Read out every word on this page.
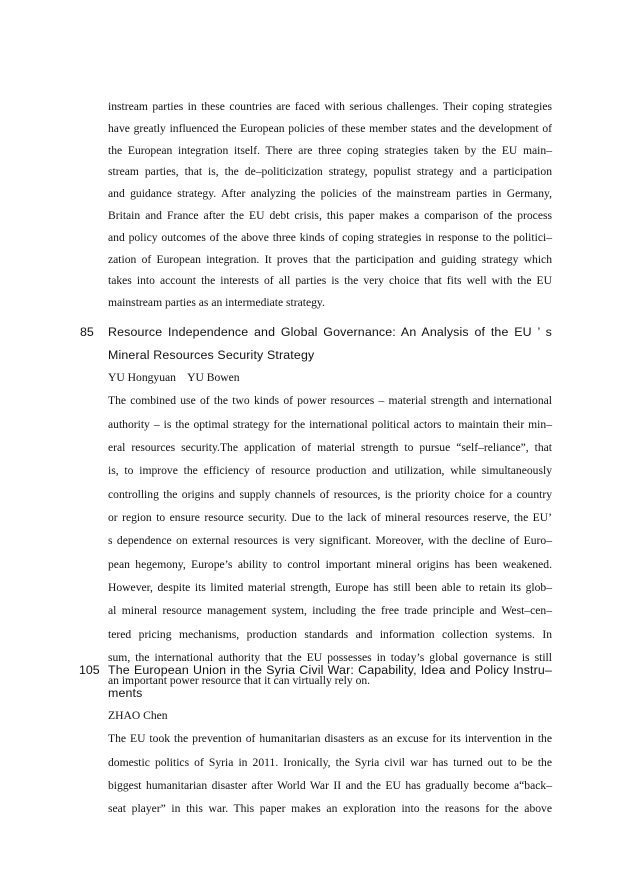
instream parties in these countries are faced with serious challenges. Their coping strategies
have greatly influenced the European policies of these member states and the development of
the European integration itself. There are three coping strategies taken by the EU main–
stream parties, that is, the de–politicization strategy, populist strategy and a participation
and guidance strategy. After analyzing the policies of the mainstream parties in Germany,
Britain and France after the EU debt crisis, this paper makes a comparison of the process
and policy outcomes of the above three kinds of coping strategies in response to the politici–
zation of European integration. It proves that the participation and guiding strategy which
takes into account the interests of all parties is the very choice that fits well with the EU
mainstream parties as an intermediate strategy.
85 Resource Independence and Global Governance: An Analysis of the EU ’ s
Mineral Resources Security Strategy
YU Hongyuan    YU Bowen
The combined use of the two kinds of power resources – material strength and international
authority – is the optimal strategy for the international political actors to maintain their min–
eral resources security.The application of material strength to pursue “self–reliance”, that
is, to improve the efficiency of resource production and utilization, while simultaneously
controlling the origins and supply channels of resources, is the priority choice for a country
or region to ensure resource security. Due to the lack of mineral resources reserve, the EU’
s dependence on external resources is very significant. Moreover, with the decline of Euro–
pean hegemony, Europe’s ability to control important mineral origins has been weakened.
However, despite its limited material strength, Europe has still been able to retain its glob–
al mineral resource management system, including the free trade principle and West–cen–
tered pricing mechanisms, production standards and information collection systems. In
sum, the international authority that the EU possesses in today’s global governance is still
an important power resource that it can virtually rely on.
105 The European Union in the Syria Civil War: Capability, Idea and Policy Instru–
ments
ZHAO Chen
The EU took the prevention of humanitarian disasters as an excuse for its intervention in the
domestic politics of Syria in 2011. Ironically, the Syria civil war has turned out to be the
biggest humanitarian disaster after World War II and the EU has gradually become a“back–
seat player” in this war. This paper makes an exploration into the reasons for the above
